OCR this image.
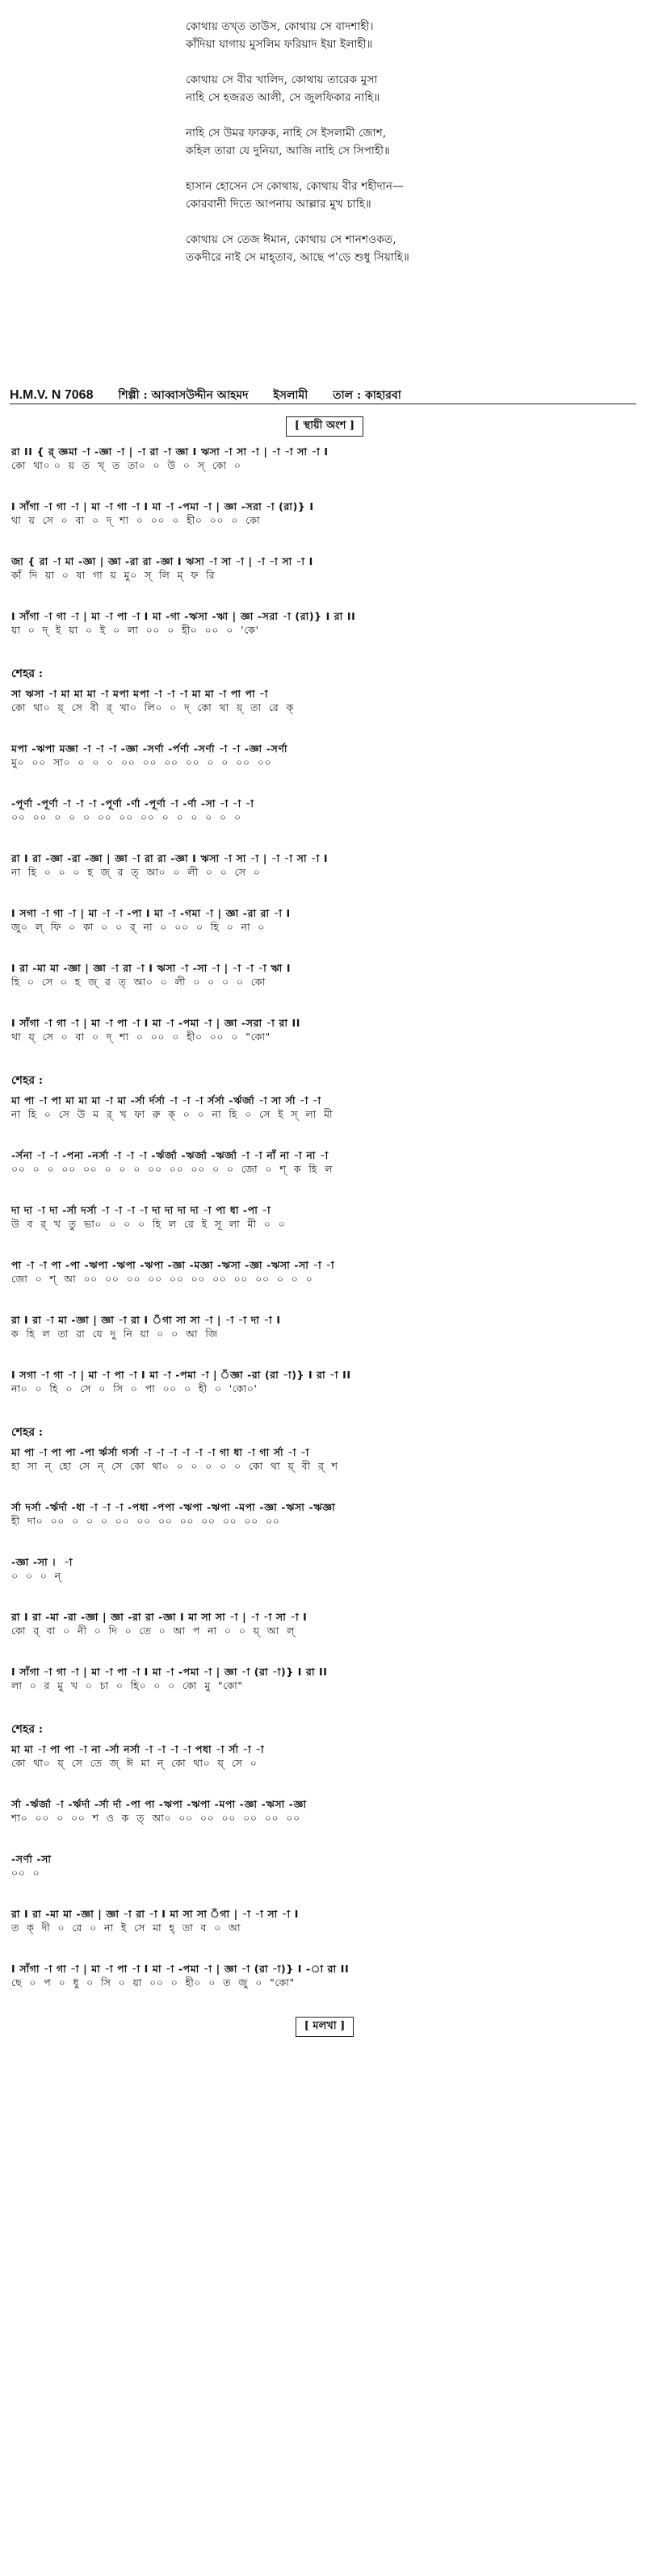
কোথায় তখ্ত তাউস, কোথায় সে বাদশাহী।
কাঁদিয়া যাগায় মুসলিম ফরিয়াদ ইয়া ইলাহী॥
কোথায় সে বীর খালিদ, কোথায় তারেক মুসা
নাহি সে হজরত আলী, সে জুলফিকার নাহি॥
নাহি সে উমর ফারুক, নাহি সে ইসলামী জোশ,
কহিল তারা যে দুনিয়া, আজি নাহি সে সিপাহী॥
হাসান হোসেন সে কোথায়, কোথায় বীর শহীদান—
কোরবানী দিতে আপনায় আল্লার মুখ চাহি॥
কোথায় সে তেজ ঈমান, কোথায় সে শানশওকত,
তকদীরে নাই সে মাহ্তাব, আছে প'ড়ে শুধু সিয়াহি॥
H.M.V. N 7068 শিল্পী : আব্বাসউদ্দীন আহমদ ইসলামী তাল : কাহারবা
[ স্থায়ী অংশ ]
রা II { র্ জ্ঞমা -া -জ্ঞা -া | -া রা -া জ্ঞা I ঋসা -া সা -া | -া -া সা -া I
কো  থা০ ০  য়  ত  খ্  ত  তা০  ০  উ  ০  স্  কো  ০
I সাঁগা -া গা -া | মা -া গা -া I মা -া -পমা -া | জ্ঞা -সরা -া (রা)} I
থা  য়  সে  ০  বা  ০  দ্  শা  ০  ০০  ০  হী০  ০০  ০  কো
জা { রা -া মা -জ্ঞা | জ্ঞা -রা রা -জ্ঞা I ঋসা -া সা -া | -া -া সা -া I
কাঁ  দি  য়া  ০  ষা  গা  য়  মু০  স্  লি  ম্  ফ  রি
I সাঁগা -া গা -া | মা -া পা -া I মা -গা -ঋসা -ঋা | জ্ঞা -সরা -া (রা)} I রা II
য়া  ০  দ্  ই  য়া  ০  ই  ০  লা  ০০  ০  হী০  ০০  ০  'কে'
শেহর :
সা ঋসা -া মা মা মা -া মপা মপা -া -া -া মা মা -া পা পা -া
কো  থা০  য়্  সে  বী  র্  খা০  লি০  ০  দ্  কো  থা  য়্  তা  রে  ক্
মপা -ঋপা মজ্ঞা -া -া -া -জ্ঞা -সর্ণা -র্পর্ণা -সর্ণা -া -া -জ্ঞা -সর্ণা
মু০  ০০  সা০  ০  ০  ০  ০০  ০০  ০০  ০০  ০  ০  ০০  ০০
-পূর্ণা -পূর্ণা -া -া -া -পূর্ণা -র্ণা -পূর্ণা -া -র্ণা -সা -া -া -া
০০  ০০  ০  ০  ০  ০০  ০০  ০০  ০  ০  ০  ০  ০  ০
রা I রা -জ্ঞা -রা -জ্ঞা | জ্ঞা -া রা রা -জ্ঞা I ঋসা -া সা -া | -া -া সা -া I
না  হি  ০  ০  ০  হ  জ্  র  ত্  আ০  ০  লী  ০  ০  সে  ০
I সগা -া গা -া | মা -া -া -পা I মা -া -গমা -া | জ্ঞা -রা রা -া I
জু০  ল্  ফি  ০  কা  ০  ০  র্  না  ০  ০০  ০  হি  ০  না  ০
I রা -মা মা -জ্ঞা | জ্ঞা -া রা -া I ঋসা -া -সা -া | -া -া -া ঋা I
হি  ০  সে  ০  হ  জ্  র  ত্  আ০  ০  লী  ০  ০  ০  ০  কো
I সাঁগা -া গা -া | মা -া পা -া I মা -া -পমা -া | জ্ঞা -সরা -া রা II
থা  য়্  সে  ০  বা  ০  দ্  শা  ০  ০০  ০  হী০  ০০  ০  "কো"
শেহর :
মা পা -া পা মা মা মা -া মা -র্সা র্দর্সা -া -া -া র্সর্সা -র্ঋর্জা -া সা র্সা -া -া
না  হি  ০  সে  উ  ম  র্  খ  ফা  রু  ক্  ০  ০  না  হি  ০  সে  ই  স্  লা  মী
-র্সনা -া -া -পনা -নর্সা -া -া -া -র্ঋর্জা -ঋর্জা -ঋর্জা -া -া নাঁ না -া না -া
০০  ০  ০  ০০  ০০  ০  ০  ০  ০০  ০০  ০০  ০  ০  জো  ০  শ্  ক  হি  ল
দা দা -া দা -র্সা দর্সা -া -া -া -া দা দা দা দা -া পা ধা -পা -া
উ  ব  র্  খ  তু  ভা০  ০  ০  ০  হি  ল  রে  ই  সূ  লা  মী  ০  ০
পা -া -া পা -পা -ঋপা -ঋপা -ঋপা -জ্ঞা -মজ্ঞা -ঋসা -জ্ঞা -ঋসা -সা -া -া
জো  ০  শ্  আ  ০০  ০০  ০০  ০০  ০০  ০০  ০০  ০০  ০০  ০  ০  ০
রা I রা -া মা -জ্ঞা | জ্ঞা -া রা I ঁগা সা সা -া | -া -া দা -া I
ক  হি  ল  তা  রা  যে  দু  নি  য়া  ০  ০  আ  জি
I সগা -া গা -া | মা -া পা -া I মা -া -পমা -া | ঁজ্ঞা -রা (রা -া)} I রা -া II
না০  ০  হি  ০  সে  ০  সি  ০  পা  ০০  ০  হী  ০  'কো০'
শেহর :
মা পা -া পা পা -পা র্ঋর্সা গর্সা -া -া -া -া -া -া গা ধা -া গা র্সা -া -া
হা  সা  ন্  হো  সে  ন্  সে  কো  থা০  ০  ০  ০  ০  ০  কো  থা  য়্  বী  র্  শ
র্সা দর্সা -র্ঋর্দা -ধা -া -া -া -পধা -পপা -ঋপা -ঋপা -মপা -জ্ঞা -ঋসা -ঋজ্ঞা
হী  দা০  ০০  ০  ০  ০  ০০  ০০  ০০  ০০  ০০  ০০  ০০  ০০
-জ্ঞা -সা ।  -া
০  ০  ০  ন্
রা I রা -মা -রা -জ্ঞা | জ্ঞা -রা রা -জ্ঞা I মা সা সা -া | -া -া সা -া I
কো  র্  বা  ০  নী  ০  দি  ০  তে  ০  আ  প  না  ০  ০  য়্  আ  ল্
I সাঁগা -া গা -া | মা -া পা -া I মা -া -পমা -া | জ্ঞা -া (রা -া)} I রা II
লা  ০  র  মু  খ  ০  চা  ০  হি০  ০  ০  কো  মু  "কো"
শেহর :
মা মা -া পা পা -া না -র্সা নর্সা -া -া -া -া পধা -া র্সা -া -া
কো  থা০  য়্  সে  তে  জ্  ঈ  মা  ন্  কো  থা০  য়্  সে  ০
র্সা -র্ঋর্জা -া -র্ঋর্দা -র্সা র্দা -পা পা -ঋপা -ঋপা -মপা -জ্ঞা -ঋসা -জ্ঞা
শা০  ০০  ০  ০০  শ  ও  ক  ত্  আ০  ০০  ০০  ০০  ০০  ০০  ০০
-সর্ণা -সা
০০  ০
রা I রা -মা মা -জ্ঞা | জ্ঞা -া রা -া I মা সা সা ঁগা | -া -া সা -া I
ত  ক্  দী  ০  রে  ০  না  ই  সে  মা  হ্  তা  ব  ০  আ
I সাঁগা -া গা -া | মা -া পা -া I মা -া -পমা -া | জ্ঞা -া (রা -া)} I -া রা II
ছে  ০  প  ০  ধু  ০  সি  ০  য়া  ০০  ০  হী০  ০  ত  জু  ০  "কো"
[ মলখা ]
